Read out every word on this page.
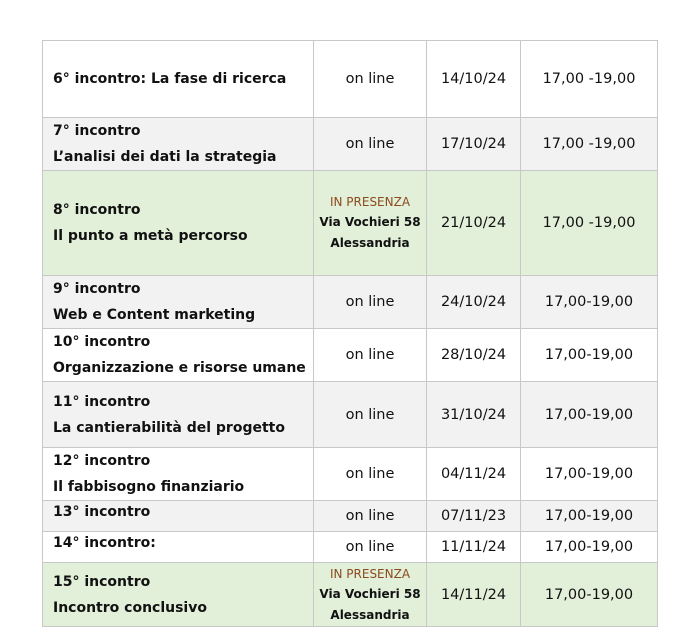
6° incontro: La fase di ricerca	on line	14/10/24	17,00 -19,00

7° incontro
L’analisi dei dati la strategia	on line	17/10/24	17,00 -19,00

8° incontro
Il punto a metà percorso	IN PRESENZA
Via Vochieri 58
Alessandria	21/10/24	17,00 -19,00

9° incontro
Web e Content marketing	on line	24/10/24	17,00-19,00

10° incontro
Organizzazione e risorse umane	on line	28/10/24	17,00-19,00

11° incontro
La cantierabilità del progetto	on line	31/10/24	17,00-19,00

12° incontro
Il fabbisogno finanziario	on line	04/11/24	17,00-19,00

13° incontro	on line	07/11/23	17,00-19,00

14° incontro:	on line	11/11/24	17,00-19,00

15° incontro
Incontro conclusivo	IN PRESENZA
Via Vochieri 58
Alessandria	14/11/24	17,00-19,00
